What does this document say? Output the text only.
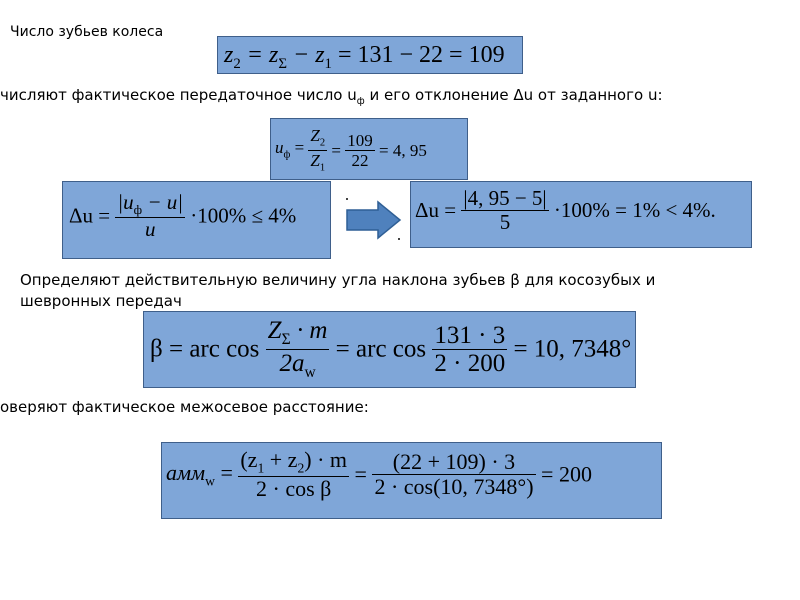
Число зубьев колеса
$z_2 = z_\Sigma - z_1 = 131 - 22 = 109$
числяют фактическое передаточное число $u_ф$ и его отклонение Δu от заданного u:
$u_ф = \frac{Z_2}{Z_1} = \frac{109}{22} = 4$, 95
$\Delta u = \frac{|u_ф - u|}{u} \cdot 100\% \le 4\%$	$\Delta u = \frac{|4, 95 - 5|}{5} \cdot 100\% = 1\% < 4\%$.
Определяют действительную величину угла наклона зубьев β для косозубых и
шевронных передач
β = arc $\cos \frac{Z_\Sigma \cdot m}{2a_w}$ = arc $\cos \frac{131 \cdot 3}{2 \cdot 200} = 10$, 7348°
оверяют фактическое межосевое расстояние:
$aмм_w = \frac{(z_1 + z_2) \cdot m}{\text{2 · cos β}} = \frac{(22 + 109) \cdot 3}{2 \cdot \cos(10, 7348^\circ)} = 200$
